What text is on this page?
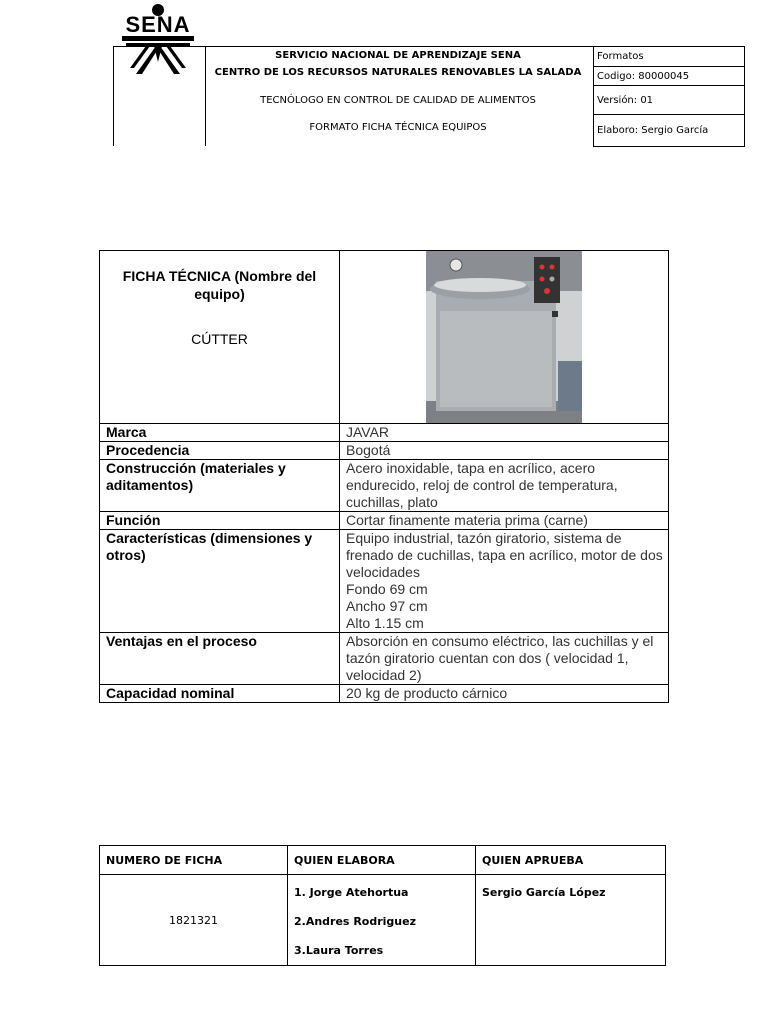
SENA
SERVICIO NACIONAL DE APRENDIZAJE SENA
CENTRO DE LOS RECURSOS NATURALES RENOVABLES LA SALADA
TECNÓLOGO EN CONTROL DE CALIDAD DE ALIMENTOS
FORMATO FICHA TÉCNICA EQUIPOS
Formatos
Codigo: 80000045
Versión: 01
Elaboro: Sergio García
FICHA TÉCNICA (Nombre del equipo)
CÚTTER

Marca	JAVAR
Procedencia	Bogotá
Construcción (materiales y aditamentos)	Acero inoxidable, tapa en acrílico, acero endurecido, reloj de control de temperatura, cuchillas, plato
Función	Cortar finamente materia prima (carne)
Características (dimensiones y otros)	Equipo industrial, tazón giratorio, sistema de frenado de cuchillas, tapa en acrílico, motor de dos velocidades
Fondo 69 cm
Ancho 97 cm
Alto 1.15 cm

Ventajas en el proceso	Absorción en consumo eléctrico, las cuchillas y el tazón giratorio cuentan con dos ( velocidad 1, velocidad 2)
Capacidad nominal	20 kg de producto cárnico
NUMERO DE FICHA	QUIEN ELABORA	QUIEN APRUEBA
1821321	1. Jorge Atehortua
2.Andres Rodriguez
3.Laura Torres	Sergio García López
